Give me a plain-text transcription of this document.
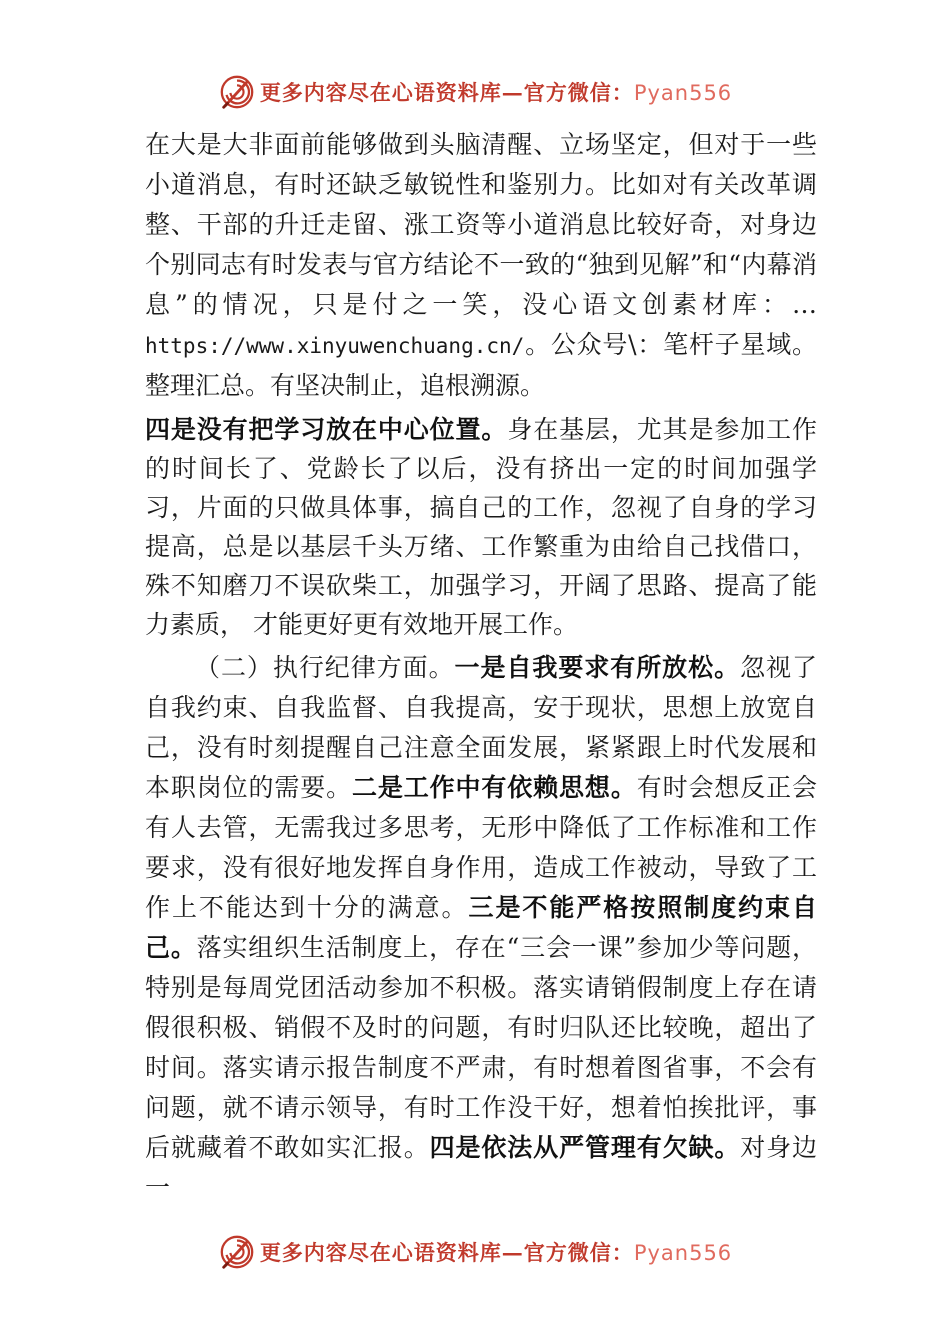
更多内容尽在心语资料库—官方微信：Pyan556

在大是大非面前能够做到头脑清醒、立场坚定，但对于一些小道消息，有时还缺乏敏锐性和鉴别力。比如对有关改革调整、干部的升迁走留、涨工资等小道消息比较好奇，对身边个别同志有时发表与官方结论不一致的“独到见解”和“内幕消息”的情况，只是付之一笑，没心语文创素材库：…https://www.xinyuwenchuang.cn/。公众号\：笔杆子星域。整理汇总。有坚决制止，追根溯源。

四是没有把学习放在中心位置。身在基层，尤其是参加工作的时间长了、党龄长了以后，没有挤出一定的时间加强学习，片面的只做具体事，搞自己的工作，忽视了自身的学习提高，总是以基层千头万绪、工作繁重为由给自己找借口，殊不知磨刀不误砍柴工，加强学习，开阔了思路、提高了能力素质， 才能更好更有效地开展工作。

（二）执行纪律方面。一是自我要求有所放松。忽视了自我约束、自我监督、自我提高，安于现状，思想上放宽自己，没有时刻提醒自己注意全面发展，紧紧跟上时代发展和本职岗位的需要。二是工作中有依赖思想。有时会想反正会有人去管，无需我过多思考，无形中降低了工作标准和工作要求，没有很好地发挥自身作用，造成工作被动，导致了工作上不能达到十分的满意。三是不能严格按照制度约束自己。落实组织生活制度上，存在“三会一课”参加少等问题，特别是每周党团活动参加不积极。落实请销假制度上存在请假很积极、销假不及时的问题，有时归队还比较晚，超出了时间。落实请示报告制度不严肃，有时想着图省事，不会有问题，就不请示领导，有时工作没干好，想着怕挨批评，事后就藏着不敢如实汇报。四是依法从严管理有欠缺。对身边一

更多内容尽在心语资料库—官方微信：Pyan556
